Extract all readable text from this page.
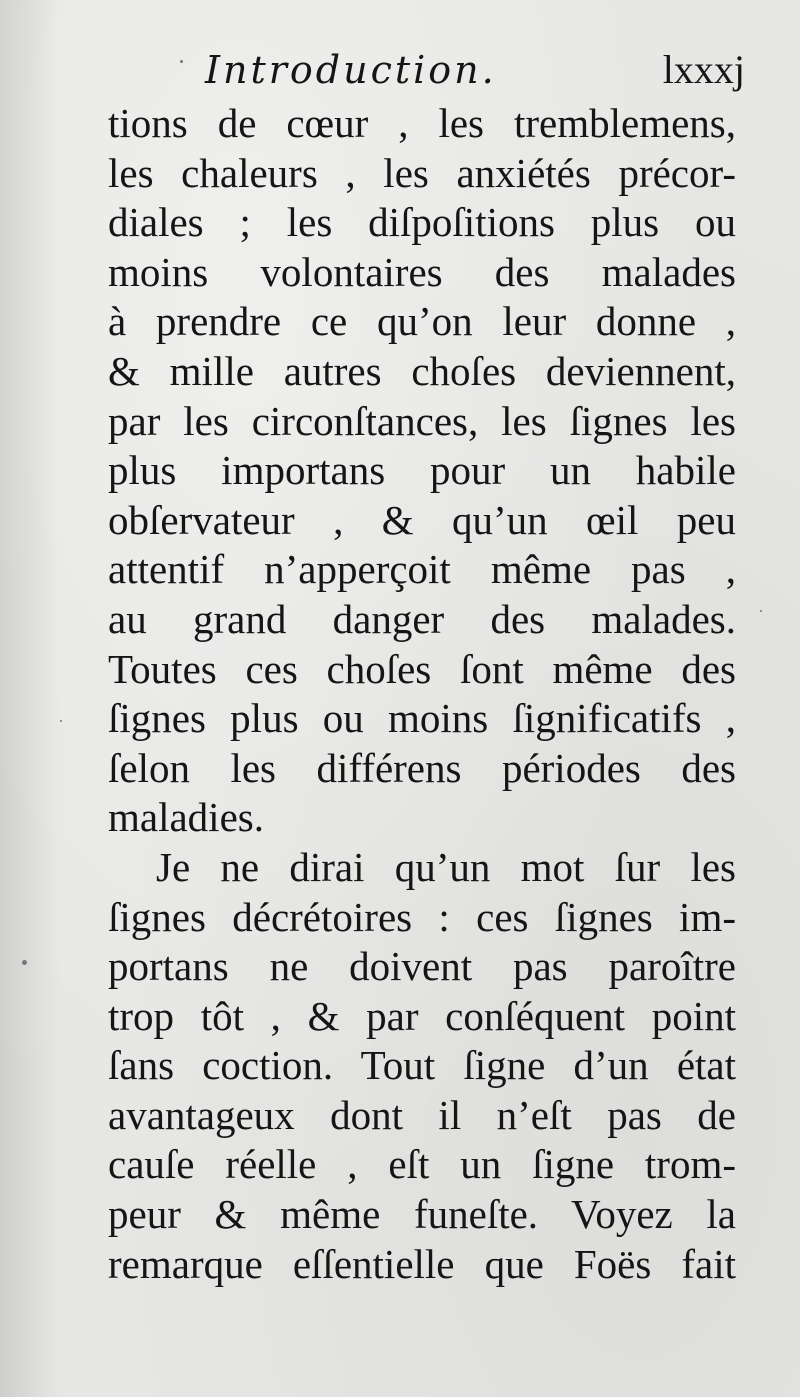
Introduction.	lxxxj
tions de cœur , les tremblemens,
les chaleurs , les anxiétés précor-
diales ; les diſpoſitions plus ou
moins volontaires des malades
à prendre ce qu’on leur donne ,
& mille autres choſes deviennent,
par les circonſtances, les ſignes les
plus importans pour un habile
obſervateur , & qu’un œil peu
attentif n’apperçoit même pas ,
au grand danger des malades.
Toutes ces choſes ſont même des
ſignes plus ou moins ſignificatifs ,
ſelon les différens périodes des
maladies.
Je ne dirai qu’un mot ſur les
ſignes décrétoires : ces ſignes im-
portans ne doivent pas paroître
trop tôt , & par conſéquent point
ſans coction. Tout ſigne d’un état
avantageux dont il n’eſt pas de
cauſe réelle , eſt un ſigne trom-
peur & même funeſte. Voyez la
remarque eſſentielle que Foës fait
